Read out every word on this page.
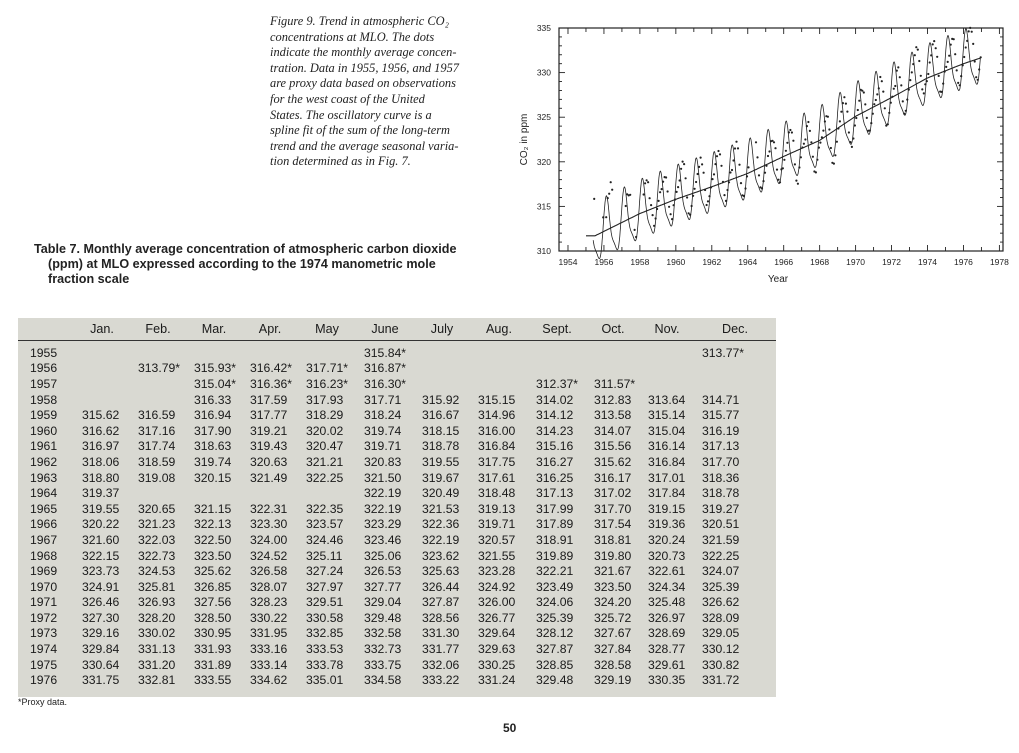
Figure 9. Trend in atmospheric CO₂
concentrations at MLO. The dots
indicate the monthly average concen-
tration. Data in 1955, 1956, and 1957
are proxy data based on observations
for the west coast of the United
States. The oscillatory curve is a
spline fit of the sum of the long-term
trend and the average seasonal varia-
tion determined as in Fig. 7.
1954 1956 1958 1960 1962 1964 1966 1968 1970 1972 1974 1976 1978
310
315
320
325
330
335
Year
CO₂ in ppm
Table 7. Monthly average concentration of atmospheric carbon dioxide
(ppm) at MLO expressed according to the 1974 manometric mole
fraction scale
	Jan.	Feb.	Mar.	Apr.	May	June	July	Aug.	Sept.	Oct.	Nov.	Dec.
1955						315.84*						313.77*
1956		313.79*	315.93*	316.42*	317.71*	316.87*						
1957			315.04*	316.36*	316.23*	316.30*			312.37*	311.57*		
1958			316.33	317.59	317.93	317.71	315.92	315.15	314.02	312.83	313.64	314.71
1959	315.62	316.59	316.94	317.77	318.29	318.24	316.67	314.96	314.12	313.58	315.14	315.77
1960	316.62	317.16	317.90	319.21	320.02	319.74	318.15	316.00	314.23	314.07	315.04	316.19
1961	316.97	317.74	318.63	319.43	320.47	319.71	318.78	316.84	315.16	315.56	316.14	317.13
1962	318.06	318.59	319.74	320.63	321.21	320.83	319.55	317.75	316.27	315.62	316.84	317.70
1963	318.80	319.08	320.15	321.49	322.25	321.50	319.67	317.61	316.25	316.17	317.01	318.36
1964	319.37					322.19	320.49	318.48	317.13	317.02	317.84	318.78
1965	319.55	320.65	321.15	322.31	322.35	322.19	321.53	319.13	317.99	317.70	319.15	319.27
1966	320.22	321.23	322.13	323.30	323.57	323.29	322.36	319.71	317.89	317.54	319.36	320.51
1967	321.60	322.03	322.50	324.00	324.46	323.46	322.19	320.57	318.91	318.81	320.24	321.59
1968	322.15	322.73	323.50	324.52	325.11	325.06	323.62	321.55	319.89	319.80	320.73	322.25
1969	323.73	324.53	325.62	326.58	327.24	326.53	325.63	323.28	322.21	321.67	322.61	324.07
1970	324.91	325.81	326.85	328.07	327.97	327.77	326.44	324.92	323.49	323.50	324.34	325.39
1971	326.46	326.93	327.56	328.23	329.51	329.04	327.87	326.00	324.06	324.20	325.48	326.62
1972	327.30	328.20	328.50	330.22	330.58	329.48	328.56	326.77	325.39	325.72	326.97	328.09
1973	329.16	330.02	330.95	331.95	332.85	332.58	331.30	329.64	328.12	327.67	328.69	329.05
1974	329.84	331.13	331.93	333.16	333.53	332.73	331.77	329.63	327.87	327.84	328.77	330.12
1975	330.64	331.20	331.89	333.14	333.78	333.75	332.06	330.25	328.85	328.58	329.61	330.82
1976	331.75	332.81	333.55	334.62	335.01	334.58	333.22	331.24	329.48	329.19	330.35	331.72
*Proxy data.
50
